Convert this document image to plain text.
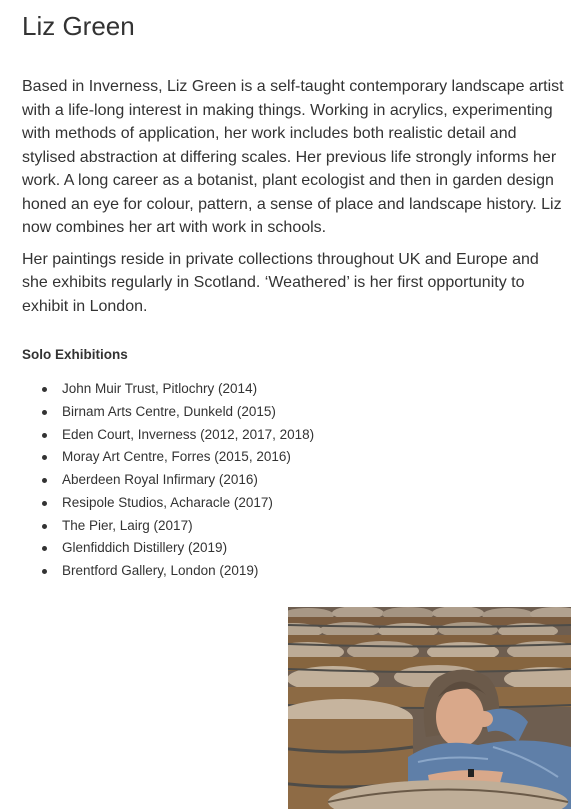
Liz Green

Based in Inverness, Liz Green is a self-taught contemporary landscape artist with a life-long interest in making things. Working in acrylics, experimenting with methods of application, her work includes both realistic detail and stylised abstraction at differing scales. Her previous life strongly informs her work. A long career as a botanist, plant ecologist and then in garden design honed an eye for colour, pattern, a sense of place and landscape history. Liz now combines her art with work in schools.

Her paintings reside in private collections throughout UK and Europe and she exhibits regularly in Scotland. ‘Weathered’ is her first opportunity to exhibit in London.

Solo Exhibitions
John Muir Trust, Pitlochry (2014)
Birnam Arts Centre, Dunkeld (2015)
Eden Court, Inverness (2012, 2017, 2018)
Moray Art Centre, Forres (2015, 2016)
Aberdeen Royal Infirmary (2016)
Resipole Studios, Acharacle (2017)
The Pier, Lairg (2017)
Glenfiddich Distillery (2019)
Brentford Gallery, London (2019)
